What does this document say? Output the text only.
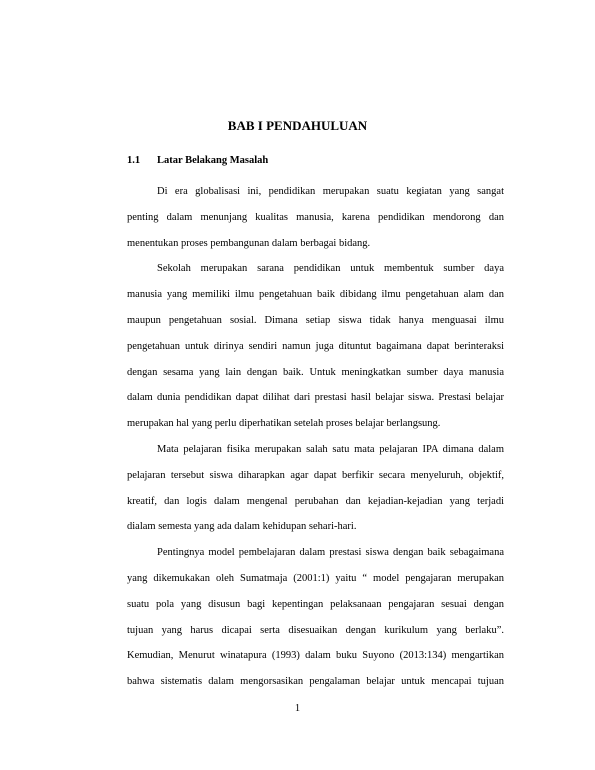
BAB I PENDAHULUAN
1.1 Latar Belakang Masalah
Di era globalisasi ini, pendidikan merupakan suatu kegiatan yang sangat
penting dalam menunjang kualitas manusia, karena pendidikan mendorong dan
menentukan proses pembangunan dalam berbagai bidang.
Sekolah merupakan sarana pendidikan untuk membentuk sumber daya
manusia yang memiliki ilmu pengetahuan baik dibidang ilmu pengetahuan alam dan
maupun pengetahuan sosial. Dimana setiap siswa tidak hanya menguasai ilmu
pengetahuan untuk dirinya sendiri namun juga dituntut bagaimana dapat berinteraksi
dengan sesama yang lain dengan baik. Untuk meningkatkan sumber daya manusia
dalam dunia pendidikan dapat dilihat dari prestasi hasil belajar siswa. Prestasi belajar
merupakan hal yang perlu diperhatikan setelah proses belajar berlangsung.
Mata pelajaran fisika merupakan salah satu mata pelajaran IPA dimana dalam
pelajaran tersebut siswa diharapkan agar dapat berfikir secara menyeluruh, objektif,
kreatif, dan logis dalam mengenal perubahan dan kejadian-kejadian yang terjadi
dialam semesta yang ada dalam kehidupan sehari-hari.
Pentingnya model pembelajaran dalam prestasi siswa dengan baik sebagaimana
yang dikemukakan oleh Sumatmaja (2001:1) yaitu “ model pengajaran merupakan
suatu pola yang disusun bagi kepentingan pelaksanaan pengajaran sesuai dengan
tujuan yang harus dicapai serta disesuaikan dengan kurikulum yang berlaku”.
Kemudian, Menurut winatapura (1993) dalam buku Suyono (2013:134) mengartikan
bahwa sistematis dalam mengorsasikan pengalaman belajar untuk mencapai tujuan
1
